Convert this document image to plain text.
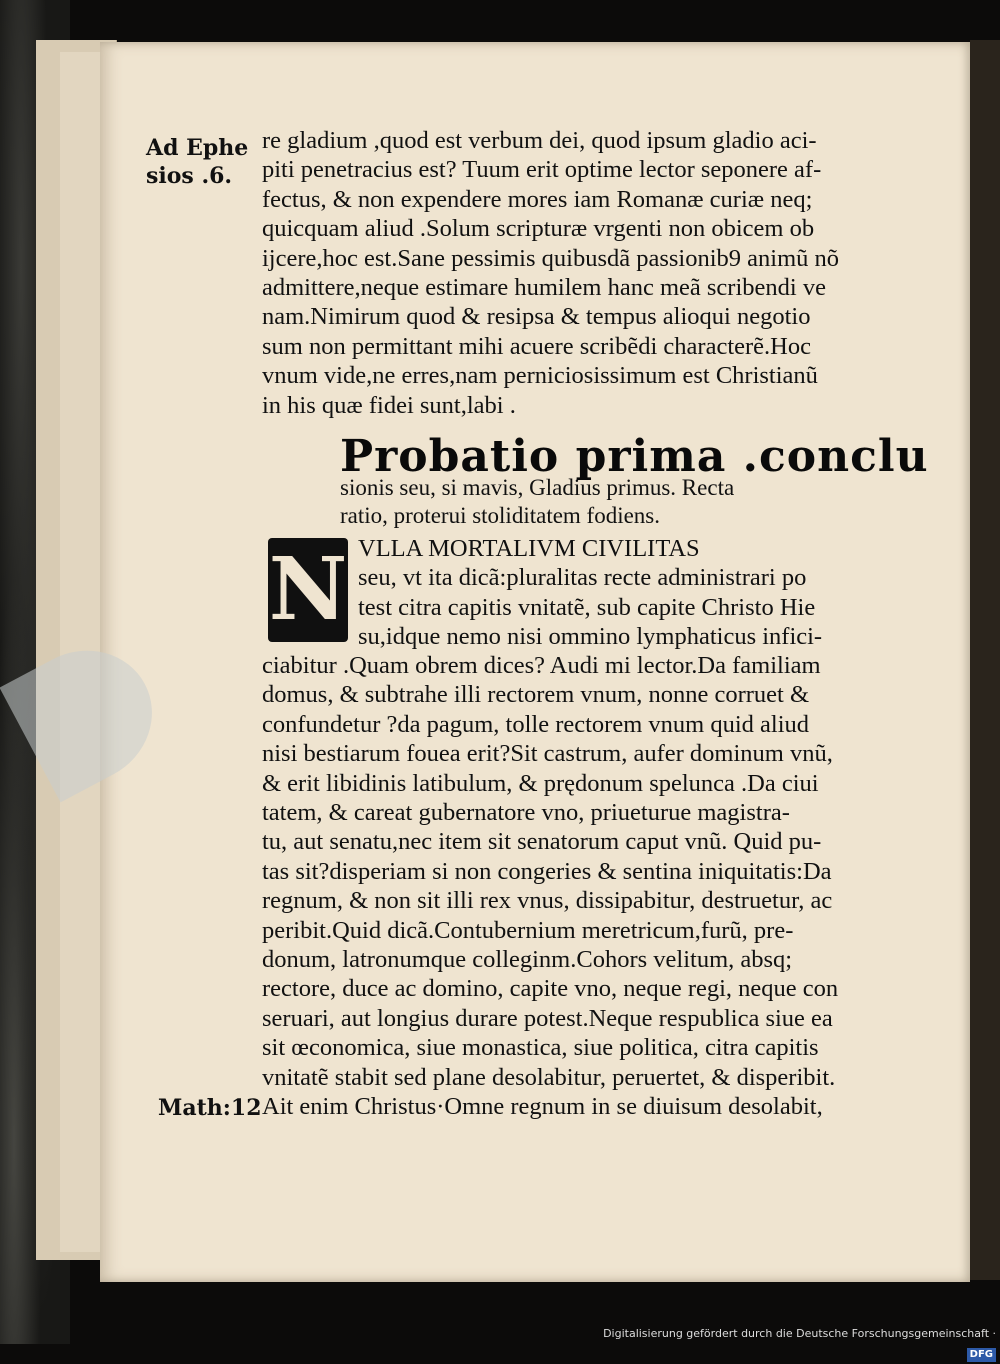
Ad Ephe
sios .6.
Math:12
re gladium ,quod est verbum dei, quod ipsum gladio aci-
piti penetracius est? Tuum erit optime lector seponere af-
fectus, & non expendere mores iam Romanæ curiæ neq;
quicquam aliud .Solum scripturæ vrgenti non obicem ob
ijcere,hoc est.Sane pessimis quibusdã passionib9 animũ nõ
admittere,neque estimare humilem hanc meã scribendi ve
nam.Nimirum quod & resipsa & tempus alioqui negotio
sum non permittant mihi acuere scribẽdi characterẽ.Hoc
vnum vide,ne erres,nam perniciosissimum est Christianũ
in his quæ fidei sunt,labi .
Probatio prima .conclu
sionis seu, si mavis, Gladius primus. Recta
ratio, proterui stoliditatem fodiens.
N VLLA MORTALIVM CIVILITAS
seu, vt ita dicã:pluralitas recte administrari po
test citra capitis vnitatẽ, sub capite Christo Hie
su,idque nemo nisi ommino lymphaticus infici-
ciabitur .Quam obrem dices? Audi mi lector.Da familiam
domus, & subtrahe illi rectorem vnum, nonne corruet &
confundetur ?da pagum, tolle rectorem vnum quid aliud
nisi bestiarum fouea erit?Sit castrum, aufer dominum vnũ,
& erit libidinis latibulum, & prędonum spelunca .Da ciui
tatem, & careat gubernatore vno, priueturue magistra-
tu, aut senatu,nec item sit senatorum caput vnũ. Quid pu-
tas sit?disperiam si non congeries & sentina iniquitatis:Da
regnum, & non sit illi rex vnus, dissipabitur, destruetur, ac
peribit.Quid dicã.Contubernium meretricum,furũ, pre-
donum, latronumque colleginm.Cohors velitum, absq;
rectore, duce ac domino, capite vno, neque regi, neque con
seruari, aut longius durare potest.Neque respublica siue ea
sit œconomica, siue monastica, siue politica, citra capitis
vnitatẽ stabit sed plane desolabitur, peruertet, & disperibit.
Ait enim Christus·Omne regnum in se diuisum desolabit,
Digitalisierung gefördert durch die Deutsche Forschungsgemeinschaft ·DFG
